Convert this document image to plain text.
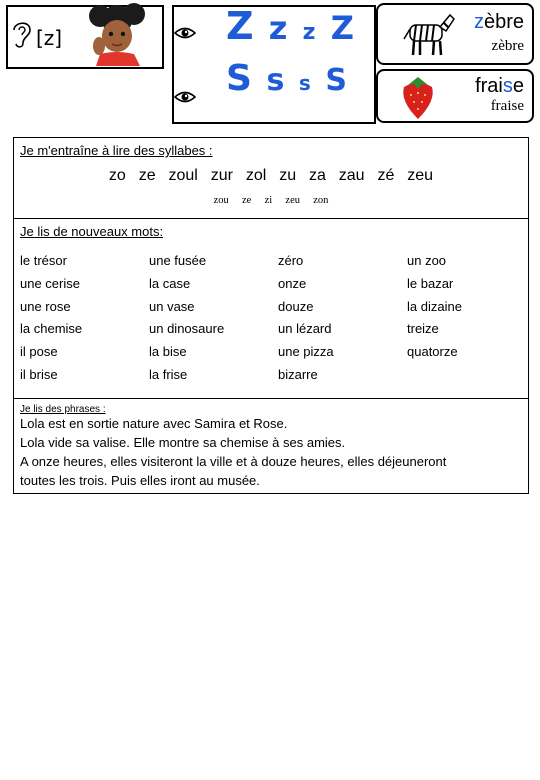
[z]	Z z z Z
S s s S
zèbre
zèbre
fraise
fraise
Je m'entraîne à lire des syllabes :
zo  ze  zoul  zur  zol  zu  za  zau  zé  zeu
zou  ze  zi  zeu  zon
Je lis de nouveaux mots:
le trésor
une cerise
une rose
la chemise
il pose
il brise
une fusée
la case
un vase
un dinosaure
la bise
la frise
zéro
onze
douze
un lézard
une pizza
bizarre
un zoo
le bazar
la dizaine
treize
quatorze
Je lis des phrases :
Lola est en sortie nature avec Samira et Rose.
Lola vide sa valise. Elle montre sa chemise à ses amies.
A onze heures, elles visiteront la ville et à douze heures, elles déjeuneront
toutes les trois. Puis elles iront au musée.
